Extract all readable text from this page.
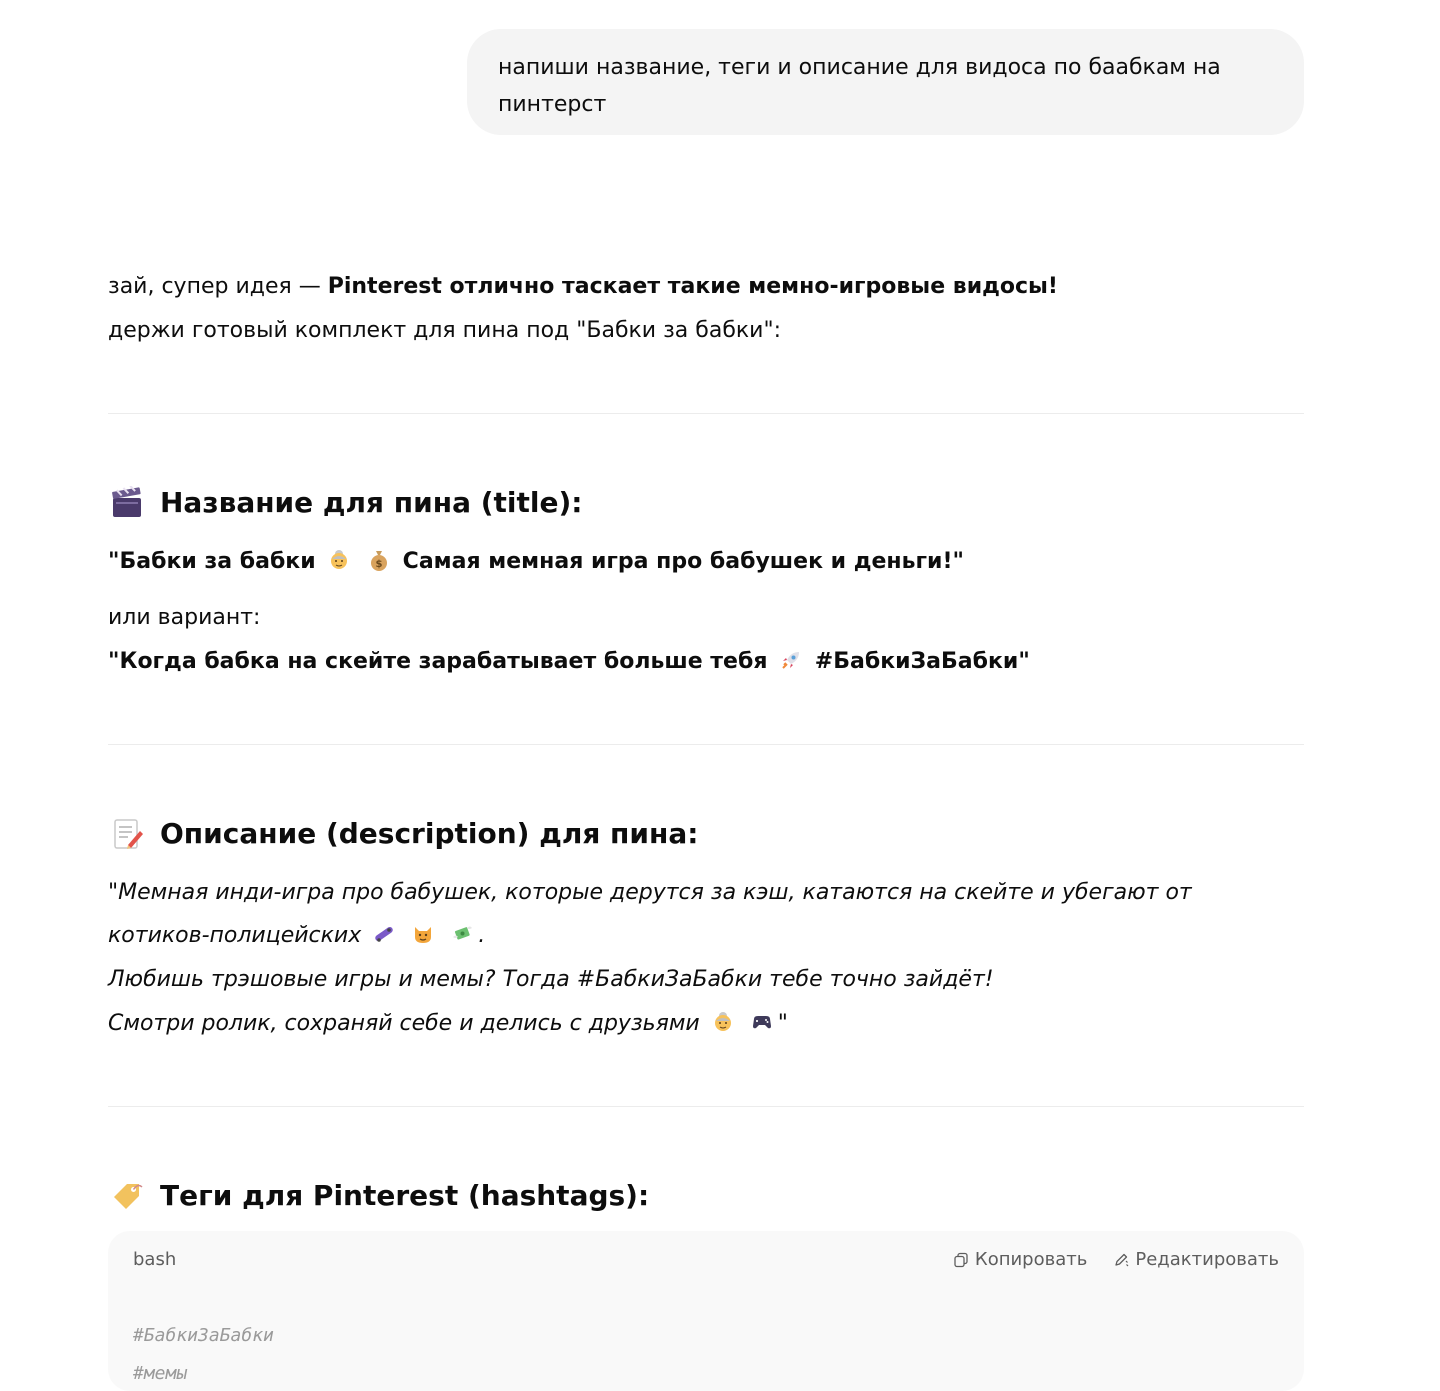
напиши название, теги и описание для видоса по баабкам на
пинтерст
зай, супер идея — Pinterest отлично таскает такие мемно-игровые видосы!
держи готовый комплект для пина под "Бабки за бабки":
Название для пина (title):
"Бабки за бабки	$ Самая мемная игра про бабушек и деньги!"
или вариант:
"Когда бабка на скейте зарабатывает больше тебя #БабкиЗаБабки"
Описание (description) для пина:
"Мемная инди-игра про бабушек, которые дерутся за кэш, катаются на скейте и убегают от
котиков-полицейских	.
Любишь трэшовые игры и мемы? Тогда #БабкиЗаБабки тебе точно зайдёт!
Смотри ролик, сохраняй себе и делись с друзьями	"
Теги для Pinterest (hashtags):
bash	Копировать	Редактировать
#БабкиЗаБабки
#мемы
